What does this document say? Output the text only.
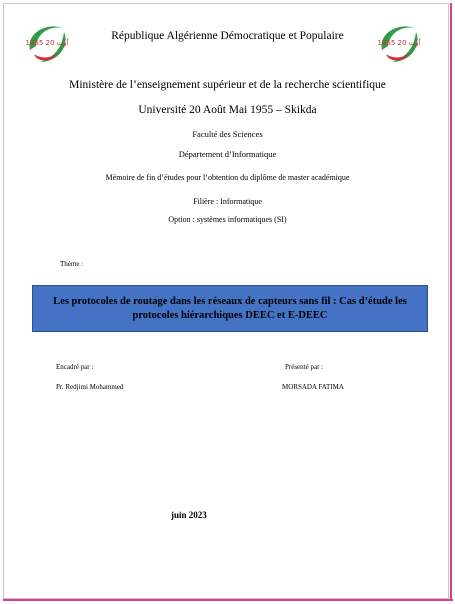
1955 20 أوت	1955 20 أوت
République Algérienne Démocratique et Populaire
Ministère de l’enseignement supérieur et de la recherche scientifique
Université 20 Août Mai 1955 – Skikda
Faculté des Sciences
Département d’Informatique
Mémoire de fin d’études pour l’obtention du diplôme de master académique
Filière : Informatique
Option : systèmes informatiques (SI)
Thème :
Les protocoles de routage dans les réseaux de capteurs sans fil : Cas d’étude les protocoles hiérarchiques DEEC et E-DEEC
Encadré par :	Présenté par :
Pr. Redjimi Mohammed	MORSADA FATIMA
juin 2023
